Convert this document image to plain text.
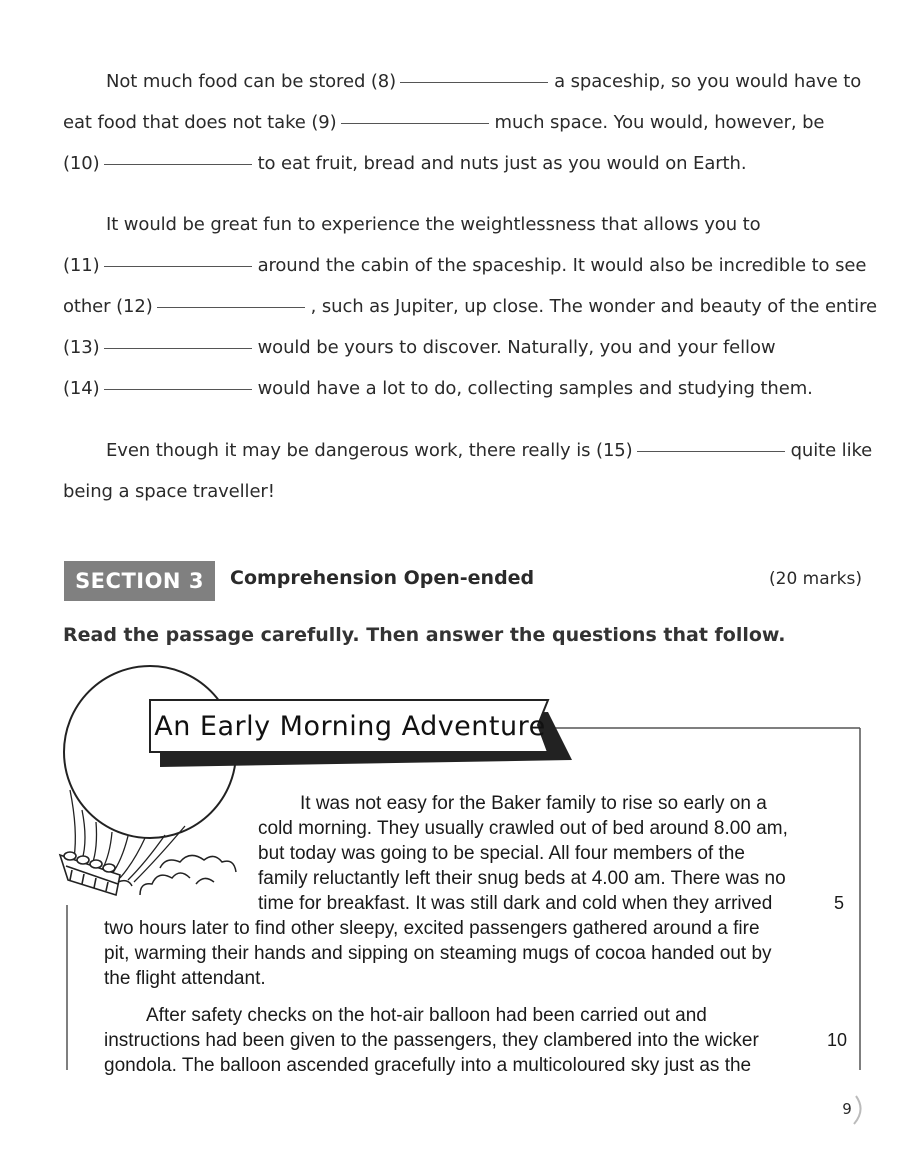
Not much food can be stored (8)	a spaceship, so you would have to
eat food that does not take (9)	much space. You would, however, be
(10)	to eat fruit, bread and nuts just as you would on Earth.
It would be great fun to experience the weightlessness that allows you to
(11)	around the cabin of the spaceship. It would also be incredible to see
other (12)	, such as Jupiter, up close. The wonder and beauty of the entire
(13)	would be yours to discover. Naturally, you and your fellow
(14)	would have a lot to do, collecting samples and studying them.
Even though it may be dangerous work, there really is (15)	quite like
being a space traveller!
SECTION 3	Comprehension Open-ended	(20 marks)
Read the passage carefully. Then answer the questions that follow.
An Early Morning Adventure
It was not easy for the Baker family to rise so early on a
cold morning. They usually crawled out of bed around 8.00 am,
but today was going to be special. All four members of the
family reluctantly left their snug beds at 4.00 am. There was no
time for breakfast. It was still dark and cold when they arrived
two hours later to find other sleepy, excited passengers gathered around a fire
pit, warming their hands and sipping on steaming mugs of cocoa handed out by
the flight attendant.
After safety checks on the hot-air balloon had been carried out and
instructions had been given to the passengers, they clambered into the wicker
gondola. The balloon ascended gracefully into a multicoloured sky just as the
5
10
9
